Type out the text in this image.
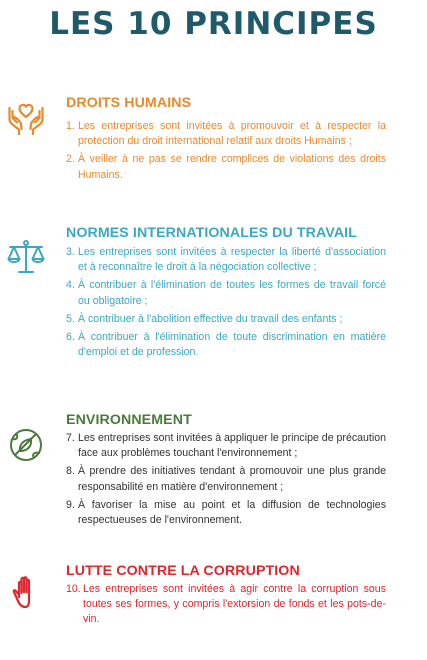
LES 10 PRINCIPES
DROITS HUMAINS
1. Les entreprises sont invitées à promouvoir et à respecter la protection du droit international relatif aux droits Humains ;
2. À veiller à ne pas se rendre complices de violations des droits Humains.
NORMES INTERNATIONALES DU TRAVAIL
3. Les entreprises sont invitées à respecter la liberté d'association et à reconnaître le droit à la négociation collective ;
4. À contribuer à l'élimination de toutes les formes de travail forcé ou obligatoire ;
5. À contribuer à l'abolition effective du travail des enfants ;
6. À contribuer à l'élimination de toute discrimination en matière d'emploi et de profession.
ENVIRONNEMENT
7. Les entreprises sont invitées à appliquer le principe de précaution face aux problèmes touchant l'environnement ;
8. À prendre des initiatives tendant à promouvoir une plus grande responsabilité en matière d'environnement ;
9. À favoriser la mise au point et la diffusion de technologies respectueuses de l'environnement.
LUTTE CONTRE LA CORRUPTION
10. Les entreprises sont invitées à agir contre la corruption sous toutes ses formes, y compris l'extorsion de fonds et les pots-de-vin.
